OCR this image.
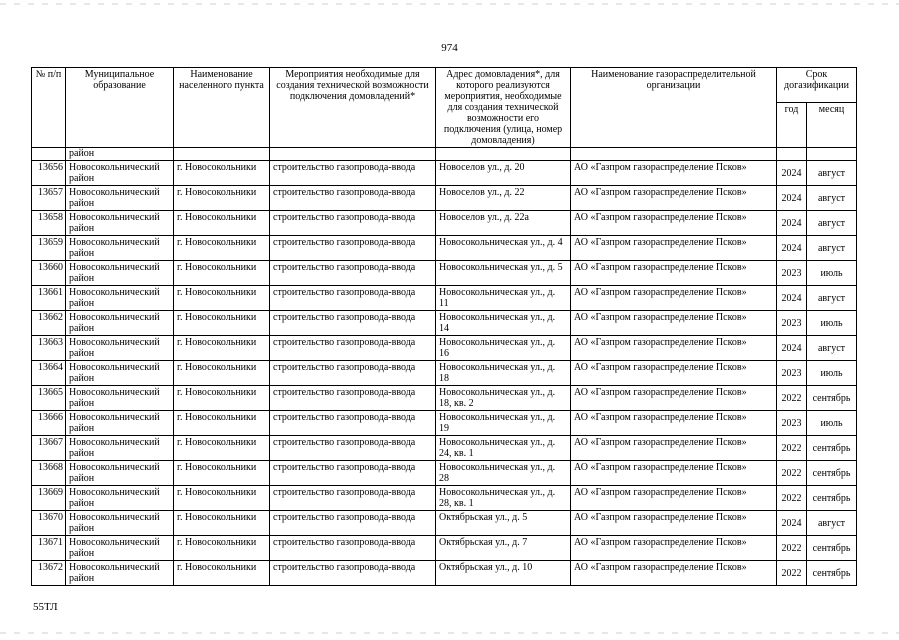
974
№ п/п	Муниципальное образование	Наименование населенного пункта	Мероприятия необходимые для создания технической возможности подключения домовладений*	Адрес домовладения*, для которого реализуются мероприятия, необходимые для создания технической возможности его подключения (улица, номер домовладения)	Наименование газораспределительной организации	Срок догазификации	
						год	месяц
	район						
13656	Новосокольнический район	г. Новосокольники	строительство газопровода-ввода	Новоселов ул., д. 20	АО «Газпром газораспределение Псков»	2024	август
13657	Новосокольнический район	г. Новосокольники	строительство газопровода-ввода	Новоселов ул., д. 22	АО «Газпром газораспределение Псков»	2024	август
13658	Новосокольнический район	г. Новосокольники	строительство газопровода-ввода	Новоселов ул., д. 22а	АО «Газпром газораспределение Псков»	2024	август
13659	Новосокольнический район	г. Новосокольники	строительство газопровода-ввода	Новосокольническая ул., д. 4	АО «Газпром газораспределение Псков»	2024	август
13660	Новосокольнический район	г. Новосокольники	строительство газопровода-ввода	Новосокольническая ул., д. 5	АО «Газпром газораспределение Псков»	2023	июль
13661	Новосокольнический район	г. Новосокольники	строительство газопровода-ввода	Новосокольническая ул., д. 11	АО «Газпром газораспределение Псков»	2024	август
13662	Новосокольнический район	г. Новосокольники	строительство газопровода-ввода	Новосокольническая ул., д. 14	АО «Газпром газораспределение Псков»	2023	июль
13663	Новосокольнический район	г. Новосокольники	строительство газопровода-ввода	Новосокольническая ул., д. 16	АО «Газпром газораспределение Псков»	2024	август
13664	Новосокольнический район	г. Новосокольники	строительство газопровода-ввода	Новосокольническая ул., д. 18	АО «Газпром газораспределение Псков»	2023	июль
13665	Новосокольнический район	г. Новосокольники	строительство газопровода-ввода	Новосокольническая ул., д. 18, кв. 2	АО «Газпром газораспределение Псков»	2022	сентябрь
13666	Новосокольнический район	г. Новосокольники	строительство газопровода-ввода	Новосокольническая ул., д. 19	АО «Газпром газораспределение Псков»	2023	июль
13667	Новосокольнический район	г. Новосокольники	строительство газопровода-ввода	Новосокольническая ул., д. 24, кв. 1	АО «Газпром газораспределение Псков»	2022	сентябрь
13668	Новосокольнический район	г. Новосокольники	строительство газопровода-ввода	Новосокольническая ул., д. 28	АО «Газпром газораспределение Псков»	2022	сентябрь
13669	Новосокольнический район	г. Новосокольники	строительство газопровода-ввода	Новосокольническая ул., д. 28, кв. 1	АО «Газпром газораспределение Псков»	2022	сентябрь
13670	Новосокольнический район	г. Новосокольники	строительство газопровода-ввода	Октябрьская ул., д. 5	АО «Газпром газораспределение Псков»	2024	август
13671	Новосокольнический район	г. Новосокольники	строительство газопровода-ввода	Октябрьская ул., д. 7	АО «Газпром газораспределение Псков»	2022	сентябрь
13672	Новосокольнический район	г. Новосокольники	строительство газопровода-ввода	Октябрьская ул., д. 10	АО «Газпром газораспределение Псков»	2022	сентябрь
55ТЛ
